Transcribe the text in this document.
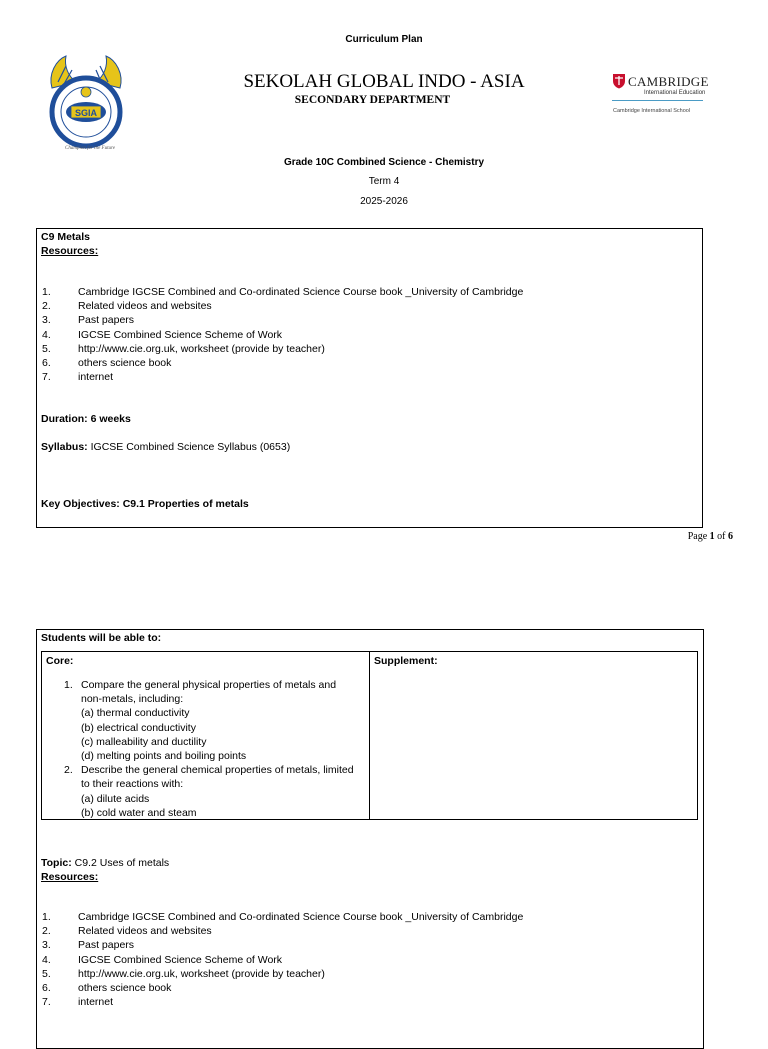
Curriculum Plan
SGIA
Champion for the Future
SEKOLAH GLOBAL INDO - ASIA
SECONDARY DEPARTMENT
CAMBRIDGE
International Education
Cambridge International School
Grade 10C Combined Science - Chemistry
Term 4
2025-2026
C9 Metals
Resources:
1.	Cambridge IGCSE Combined and Co-ordinated Science Course book _University of Cambridge
2.	Related videos and websites
3.	Past papers
4.	IGCSE Combined Science Scheme of Work
5.	http://www.cie.org.uk, worksheet (provide by teacher)
6.	others science book
7.	internet
Duration: 6 weeks
Syllabus: IGCSE Combined Science Syllabus (0653)
Key Objectives: C9.1 Properties of metals
Page 1 of 6
Students will be able to:
Core:	Supplement:
1. Compare the general physical properties of metals and
non-metals, including:
(a) thermal conductivity
(b) electrical conductivity
(c) malleability and ductility
(d) melting points and boiling points
2. Describe the general chemical properties of metals, limited
to their reactions with:
(a) dilute acids
(b) cold water and steam
Topic: C9.2 Uses of metals
Resources:
1.	Cambridge IGCSE Combined and Co-ordinated Science Course book _University of Cambridge
2.	Related videos and websites
3.	Past papers
4.	IGCSE Combined Science Scheme of Work
5.	http://www.cie.org.uk, worksheet (provide by teacher)
6.	others science book
7.	internet
